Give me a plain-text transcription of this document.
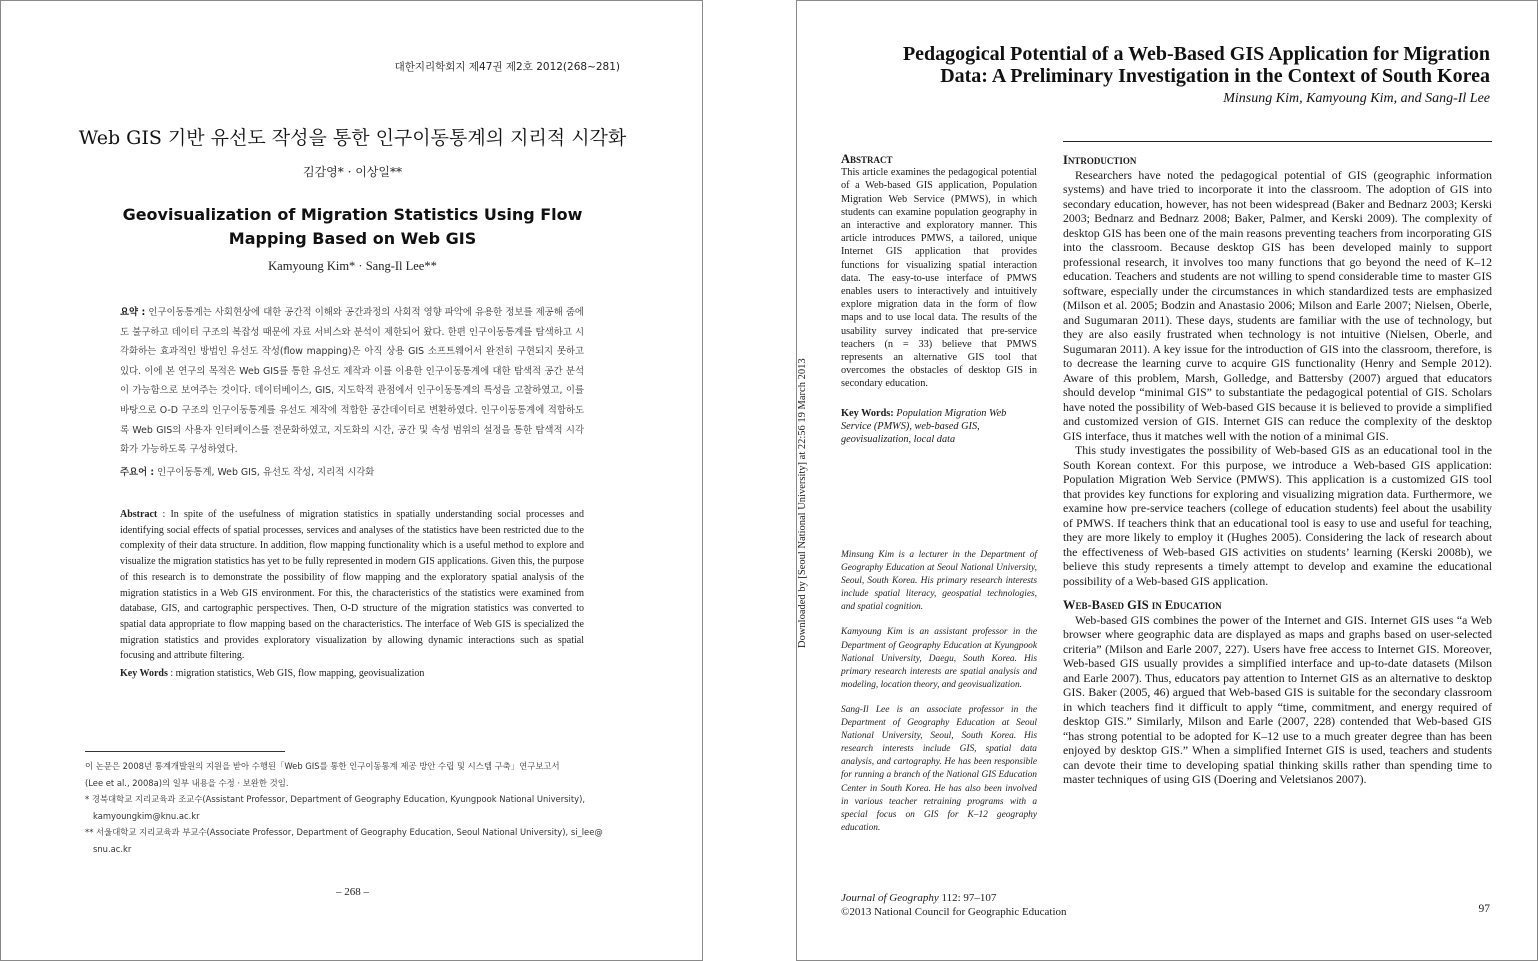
대한지리학회지 제47권 제2호 2012(268~281)
Web GIS 기반 유선도 작성을 통한 인구이동통계의 지리적 시각화
김감영* · 이상일**
Geovisualization of Migration Statistics Using Flow Mapping Based on Web GIS
Kamyoung Kim* · Sang-Il Lee**
요약 : 인구이동통계는 사회현상에 대한 공간적 이해와 공간과정의 사회적 영향 파악에 유용한 정보를 제공해 줌에도 불구하고 데이터 구조의 복잡성 때문에 자료 서비스와 분석이 제한되어 왔다. 한편 인구이동통계를 탐색하고 시각화하는 효과적인 방법인 유선도 작성(flow mapping)은 아직 상용 GIS 소프트웨어서 완전히 구현되지 못하고 있다. 이에 본 연구의 목적은 Web GIS를 통한 유선도 제작과 이를 이용한 인구이동통계에 대한 탐색적 공간 분석이 가능함으로 보여주는 것이다. 데이터베이스, GIS, 지도학적 관점에서 인구이동통계의 특성을 고찰하였고, 이를 바탕으로 O-D 구조의 인구이동통계를 유선도 제작에 적합한 공간데이터로 변환하였다. 인구이동통계에 적합하도록 Web GIS의 사용자 인터페이스를 전문화하였고, 지도화의 시간, 공간 및 속성 범위의 설정을 통한 탐색적 시각화가 가능하도록 구성하였다.
주요어 : 인구이동통계, Web GIS, 유선도 작성, 지리적 시각화
Abstract : In spite of the usefulness of migration statistics in spatially understanding social processes and identifying social effects of spatial processes, services and analyses of the statistics have been restricted due to the complexity of their data structure. In addition, flow mapping functionality which is a useful method to explore and visualize the migration statistics has yet to be fully represented in modern GIS applications. Given this, the purpose of this research is to demonstrate the possibility of flow mapping and the exploratory spatial analysis of the migration statistics in a Web GIS environment. For this, the characteristics of the statistics were examined from database, GIS, and cartographic perspectives. Then, O-D structure of the migration statistics was converted to spatial data appropriate to flow mapping based on the characteristics. The interface of Web GIS is specialized the migration statistics and provides exploratory visualization by allowing dynamic interactions such as spatial focusing and attribute filtering.
Key Words : migration statistics, Web GIS, flow mapping, geovisualization
이 논문은 2008년 통계개발원의 지원을 받아 수행된「Web GIS를 통한 인구이동통계 제공 방안 수립 및 시스템 구축」연구보고서
(Lee et al., 2008a)의 일부 내용을 수정 · 보완한 것임.
* 경북대학교 지리교육과 조교수(Assistant Professor, Department of Geography Education, Kyungpook National University),
kamyoungkim@knu.ac.kr
** 서울대학교 지리교육과 부교수(Associate Professor, Department of Geography Education, Seoul National University), si_lee@
snu.ac.kr
– 268 –
Pedagogical Potential of a Web-Based GIS Application for Migration
Data: A Preliminary Investigation in the Context of South Korea
Minsung Kim, Kamyoung Kim, and Sang-Il Lee
Abstract
This article examines the pedagogical potential of a Web-based GIS application, Population Migration Web Service (PMWS), in which students can examine population geography in an interactive and exploratory manner. This article introduces PMWS, a tailored, unique Internet GIS application that provides functions for visualizing spatial interaction data. The easy-to-use interface of PMWS enables users to interactively and intuitively explore migration data in the form of flow maps and to use local data. The results of the usability survey indicated that pre-service teachers (n = 33) believe that PMWS represents an alternative GIS tool that overcomes the obstacles of desktop GIS in secondary education.
Key Words: Population Migration Web Service (PMWS), web-based GIS, geovisualization, local data

Minsung Kim is a lecturer in the Department of Geography Education at Seoul National University, Seoul, South Korea. His primary research interests include spatial literacy, geospatial technologies, and spatial cognition.

Kamyoung Kim is an assistant professor in the Department of Geography Education at Kyungpook National University, Daegu, South Korea. His primary research interests are spatial analysis and modeling, location theory, and geovisualization.

Sang-Il Lee is an associate professor in the Department of Geography Education at Seoul National University, Seoul, South Korea. His research interests include GIS, spatial data analysis, and cartography. He has been responsible for running a branch of the National GIS Education Center in South Korea. He has also been involved in various teacher retraining programs with a special focus on GIS for K–12 geography education.

Introduction

Researchers have noted the pedagogical potential of GIS (geographic information systems) and have tried to incorporate it into the classroom. The adoption of GIS into secondary education, however, has not been widespread (Baker and Bednarz 2003; Kerski 2003; Bednarz and Bednarz 2008; Baker, Palmer, and Kerski 2009). The complexity of desktop GIS has been one of the main reasons preventing teachers from incorporating GIS into the classroom. Because desktop GIS has been developed mainly to support professional research, it involves too many functions that go beyond the need of K–12 education. Teachers and students are not willing to spend considerable time to master GIS software, especially under the circumstances in which standardized tests are emphasized (Milson et al. 2005; Bodzin and Anastasio 2006; Milson and Earle 2007; Nielsen, Oberle, and Sugumaran 2011). These days, students are familiar with the use of technology, but they are also easily frustrated when technology is not intuitive (Nielsen, Oberle, and Sugumaran 2011). A key issue for the introduction of GIS into the classroom, therefore, is to decrease the learning curve to acquire GIS functionality (Henry and Semple 2012). Aware of this problem, Marsh, Golledge, and Battersby (2007) argued that educators should develop “minimal GIS” to substantiate the pedagogical potential of GIS. Scholars have noted the possibility of Web-based GIS because it is believed to provide a simplified and customized version of GIS. Internet GIS can reduce the complexity of the desktop GIS interface, thus it matches well with the notion of a minimal GIS.

This study investigates the possibility of Web-based GIS as an educational tool in the South Korean context. For this purpose, we introduce a Web-based GIS application: Population Migration Web Service (PMWS). This application is a customized GIS tool that provides key functions for exploring and visualizing migration data. Furthermore, we examine how pre-service teachers (college of education students) feel about the usability of PMWS. If teachers think that an educational tool is easy to use and useful for teaching, they are more likely to employ it (Hughes 2005). Considering the lack of research about the effectiveness of Web-based GIS activities on students’ learning (Kerski 2008b), we believe this study represents a timely attempt to develop and examine the educational possibility of a Web-based GIS application.

Web-Based GIS in Education

Web-based GIS combines the power of the Internet and GIS. Internet GIS uses “a Web browser where geographic data are displayed as maps and graphs based on user-selected criteria” (Milson and Earle 2007, 227). Users have free access to Internet GIS. Moreover, Web-based GIS usually provides a simplified interface and up-to-date datasets (Milson and Earle 2007). Thus, educators pay attention to Internet GIS as an alternative to desktop GIS. Baker (2005, 46) argued that Web-based GIS is suitable for the secondary classroom in which teachers find it difficult to apply “time, commitment, and energy required of desktop GIS.” Similarly, Milson and Earle (2007, 228) contended that Web-based GIS “has strong potential to be adopted for K–12 use to a much greater degree than has been enjoyed by desktop GIS.” When a simplified Internet GIS is used, teachers and students can devote their time to developing spatial thinking skills rather than spending time to master techniques of using GIS (Doering and Veletsianos 2007).

Journal of Geography 112: 97–107
©2013 National Council for Geographic Education	97
Downloaded by [Seoul National University] at 22:56 19 March 2013
